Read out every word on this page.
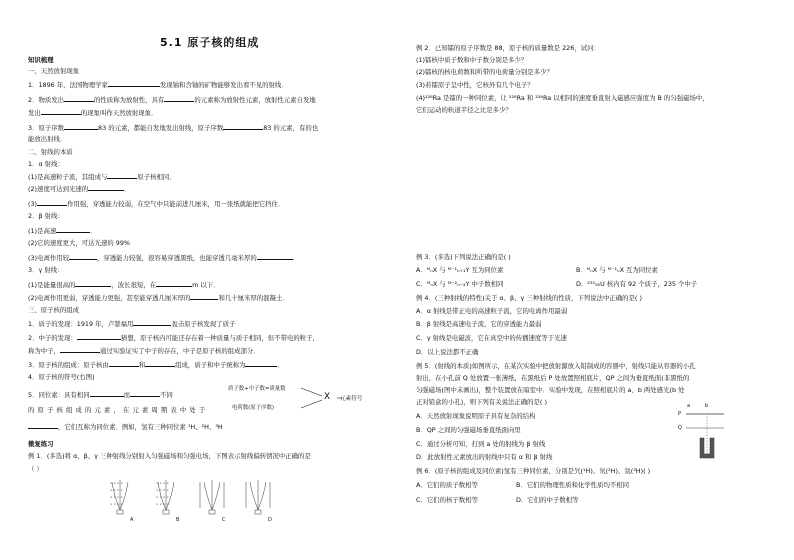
5.1 原子核的组成
知识梳理
一、天然放射现象
1．1896 年，法国物理学家	发现铀和含铀的矿物能够发出看不见的射线．
2．物质发出	的性质称为放射性，具有	的元素称为放射性元素，放射性元素自发地
发出	的现象叫作天然放射现象．
3．原子序数	83 的元素，都能自发地发出射线，原子序数	83 的元素，有的也
能放出射线．
二、射线的本质
1．α 射线：
(1)是高速粒子流，其组成与	原子核相同．
(2)速度可达到光速的	．
(3)	作用强，穿透能力较弱，在空气中只能前进几厘米，用一张纸就能把它挡住．
2．β 射线：
(1)是高速	．
(2)它的速度更大，可达光速的 99%
(3)电离作用较	，穿透能力较强，很容易穿透黑纸，也能穿透几毫米厚的	．
3．γ 射线：
(1)是能量很高的	，波长很短，在	m 以下．
(2)电离作用更弱，穿透能力更强，甚至能穿透几厘米厚的	和几十厘米厚的混凝土．
三、原子核的组成
1．质子的发现：1919 年，卢瑟福用	轰击原子核发现了质子
2．中子的发现：	猜想，原子核内可能还存在着一种质量与质子相同，但不带电的粒子，
称为中子，	通过实验证实了中子的存在，中子是原子核的组成部分．
3．原子核的组成：原子核由	和	组成，质子和中子统称为	．
4．原子核的符号(右图)
5．同位素：具有相同	而	不同
的原子核组成的元素，在元素周期表中处于
，它们互称为同位素．例如，氢有三种同位素 ¹H、²H、³H
质子数+中子数=质量数
电荷数(原子序数)
X 元素符号
微复练习
例 1．(多选)将 α、β、γ 三种射线分别射入匀强磁场和匀强电场，下图表示射线偏转情况中正确的是
（ ）
× × × ×
× × × ×
× × × ×
× × × ×
× × × ×
× × × ×
× × × ×
× × × ×
A	B	C	D
例 2．已知镭的原子序数是 88，原子核的质量数是 226，试问：
(1)镭核中质子数和中子数分别是多少？
(2)镭核的核电荷数和所带的电荷量分别是多少？
(3)若镭原子呈中性，它核外有几个电子？
(4)²²⁸Ra 是镭的一种同位素，让 ²²⁸Ra 和 ²²⁶Ra 以相同的速度垂直射入磁感应强度为 B 的匀强磁场中，
它们运动的轨道半径之比是多少？
例 3．(多选)下列说法正确的是( )
A．ᴹₙX 与 ᴹ⁻¹ₙ₊₁Y 互为同位素	B．ᴹₙX 与 ᴹ⁻¹ₙX 互为同位素
C．ᴹₙX 与 ᴹ⁻²ₙ₋₂Y 中子数相同	D．²³⁵₉₂U 核内有 92 个质子，235 个中子
例 4．(三种射线的特性)关于 α、β、γ 三种射线的性质，下列说法中正确的是( )
A．α 射线是带正电的高速粒子流，它的电离作用最弱
B．β 射线是高速电子流，它的穿透能力最弱
C．γ 射线是电磁波，它在真空中的传播速度等于光速
D．以上说法都不正确
例 5．(射线的本质)如图所示，在某次实验中把放射源放入铅制成的容器中，射线只能从容器的小孔
射出，在小孔前 Q 处放置一张薄纸，在黑纸后 P 处放置照相底片，QP 之间为垂直纸面(非黑纸的
匀强磁场(图中未画出)，整个装置放在暗室中．实验中发现，在照相底片的 a、b 两处感光(b 处
正对铅盒的小孔)，则下列有关说法正确的是( )
A．天然放射现象说明原子具有复杂的结构
B．QP 之间的匀强磁场垂直纸面向里
C．通过分析可知，打到 a 处的射线为 β 射线
D．此放射性元素放出的射线中只有 α 和 β 射线
a	b
P
Q
例 6．(原子核的组成及同位素)氢有三种同位素，分别是氕(¹H)、氘(²H)、氚(³H)( )
A．它们的质子数相等	B．它们的物理性质和化学性质均不相同
C．它们的核子数相等	D．它们的中子数相等
